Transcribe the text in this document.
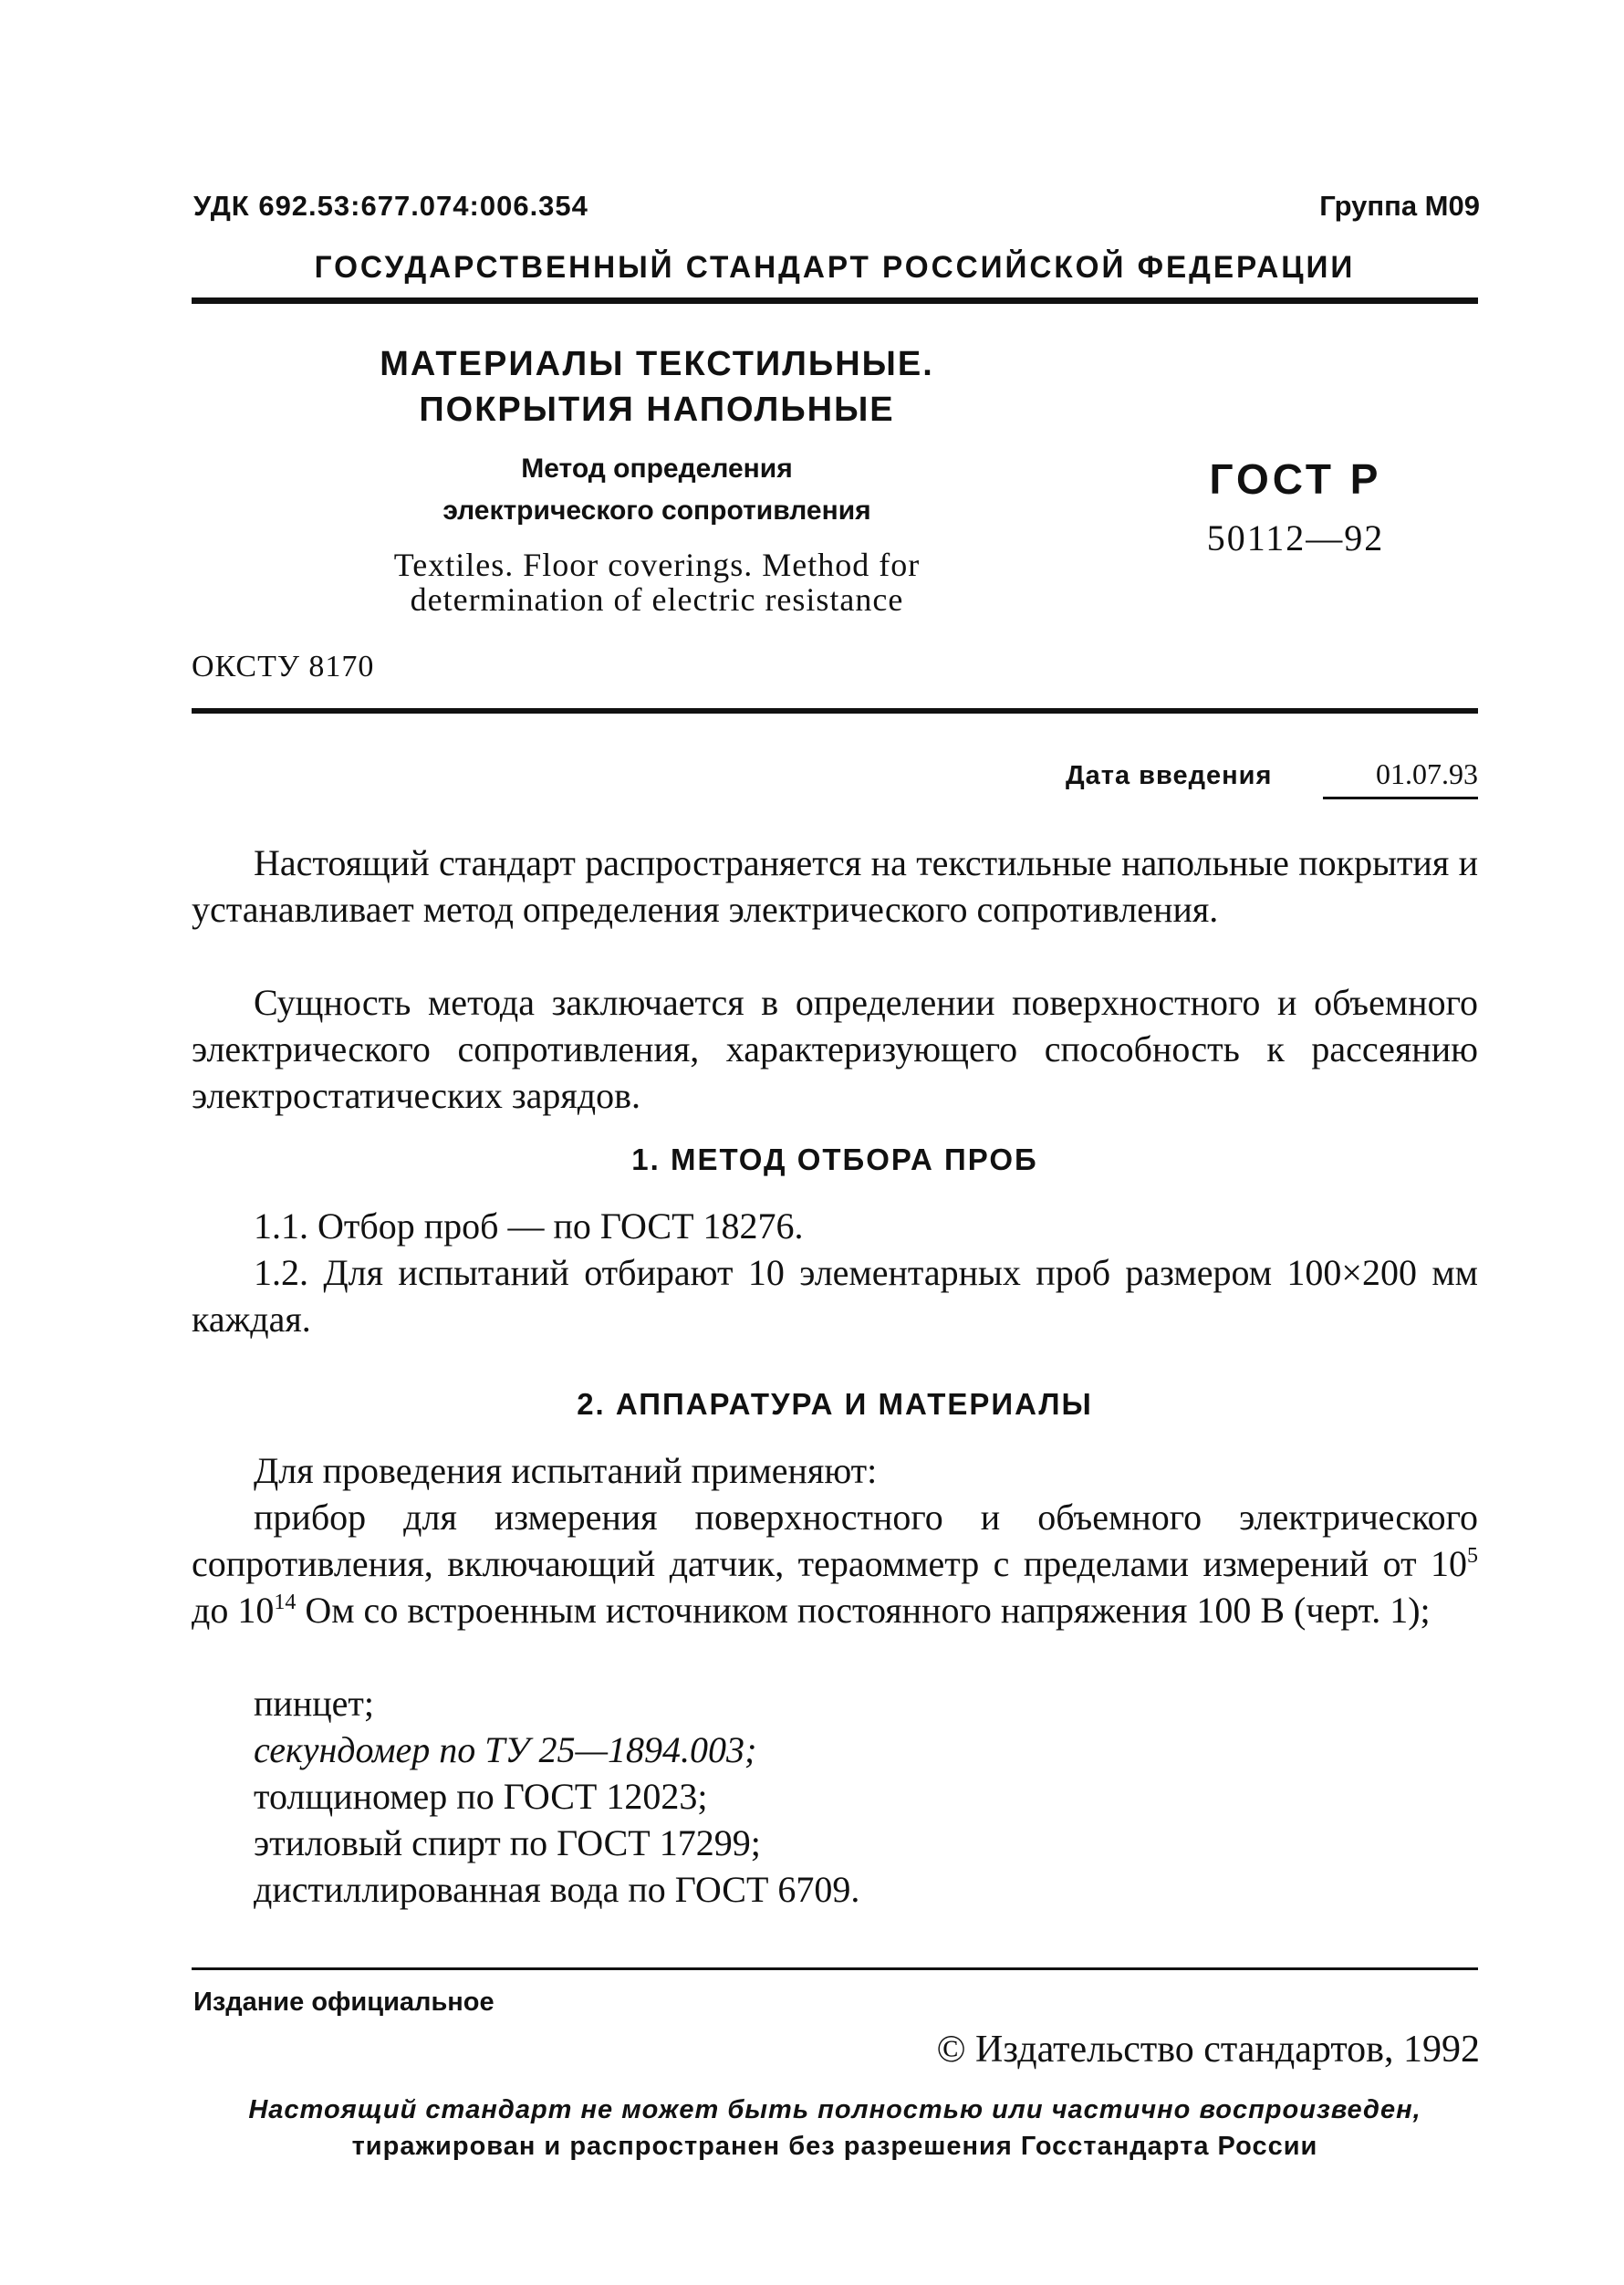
УДК 692.53:677.074:006.354	Группа М09
ГОСУДАРСТВЕННЫЙ СТАНДАРТ РОССИЙСКОЙ ФЕДЕРАЦИИ
МАТЕРИАЛЫ ТЕКСТИЛЬНЫЕ.
ПОКРЫТИЯ НАПОЛЬНЫЕ
Метод определения
электрического сопротивления
Textiles. Floor coverings. Method for
determination of electric resistance
ГОСТ Р
50112—92
ОКСТУ 8170
Дата введения	01.07.93
Настоящий стандарт распространяется на текстильные напольные покрытия и устанавливает метод определения электрического сопротивления.
Сущность метода заключается в определении поверхностного и объемного электрического сопротивления, характеризующего способность к рассеянию электростатических зарядов.
1. МЕТОД ОТБОРА ПРОБ
1.1. Отбор проб — по ГОСТ 18276.
1.2. Для испытаний отбирают 10 элементарных проб размером 100×200 мм каждая.
2. АППАРАТУРА И МАТЕРИАЛЫ
Для проведения испытаний применяют:
прибор для измерения поверхностного и объемного электрического сопротивления, включающий датчик, тераомметр с пределами измерений от $10^5$ до $10^{14}$ Ом со встроенным источником постоянного напряжения 100 В (черт. 1);
пинцет;
секундомер по ТУ 25—1894.003;
толщиномер по ГОСТ 12023;
этиловый спирт по ГОСТ 17299;
дистиллированная вода по ГОСТ 6709.
Издание официальное
© Издательство стандартов, 1992
Настоящий стандарт не может быть полностью или частично воспроизведен,
тиражирован и распространен без разрешения Госстандарта России
